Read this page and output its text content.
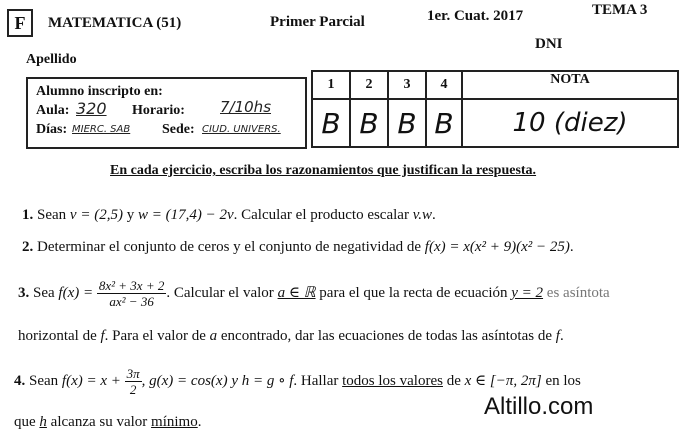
F	MATEMATICA (51)	Primer Parcial	1er. Cuat. 2017	TEMA 3
Apellido
DNI
Alumno inscripto en:
Aula: 320 Horario: 7/10hs
Días: MIERC. SAB Sede: CIUD. UNIVERS.
1	2	3	4	NOTA
B	B	B	B	10 (diez)
En cada ejercicio, escriba los razonamientos que justifican la respuesta.
1. Sean v = (2,5) y w = (17,4) − 2v. Calcular el producto escalar v.w.
2. Determinar el conjunto de ceros y el conjunto de negatividad de f(x) = x(x² + 9)(x² − 25).
3. Sea $f(x) = \frac{\text{8x² + 3x + 2}}{\text{ax² − 36}}$ . Calcular el valor a ∈ ℝ para el que la recta de ecuación y = 2 es asíntota
horizontal de f. Para el valor de a encontrado, dar las ecuaciones de todas las asíntotas de f.
4. Sean $f(x) = x + \frac{3\pi}{2}$ , g(x) = cos(x) y h = g ∘ f. Hallar todos los valores de x ∈ [−π, 2π] en los
que h alcanza su valor mínimo.
Altillo.com
